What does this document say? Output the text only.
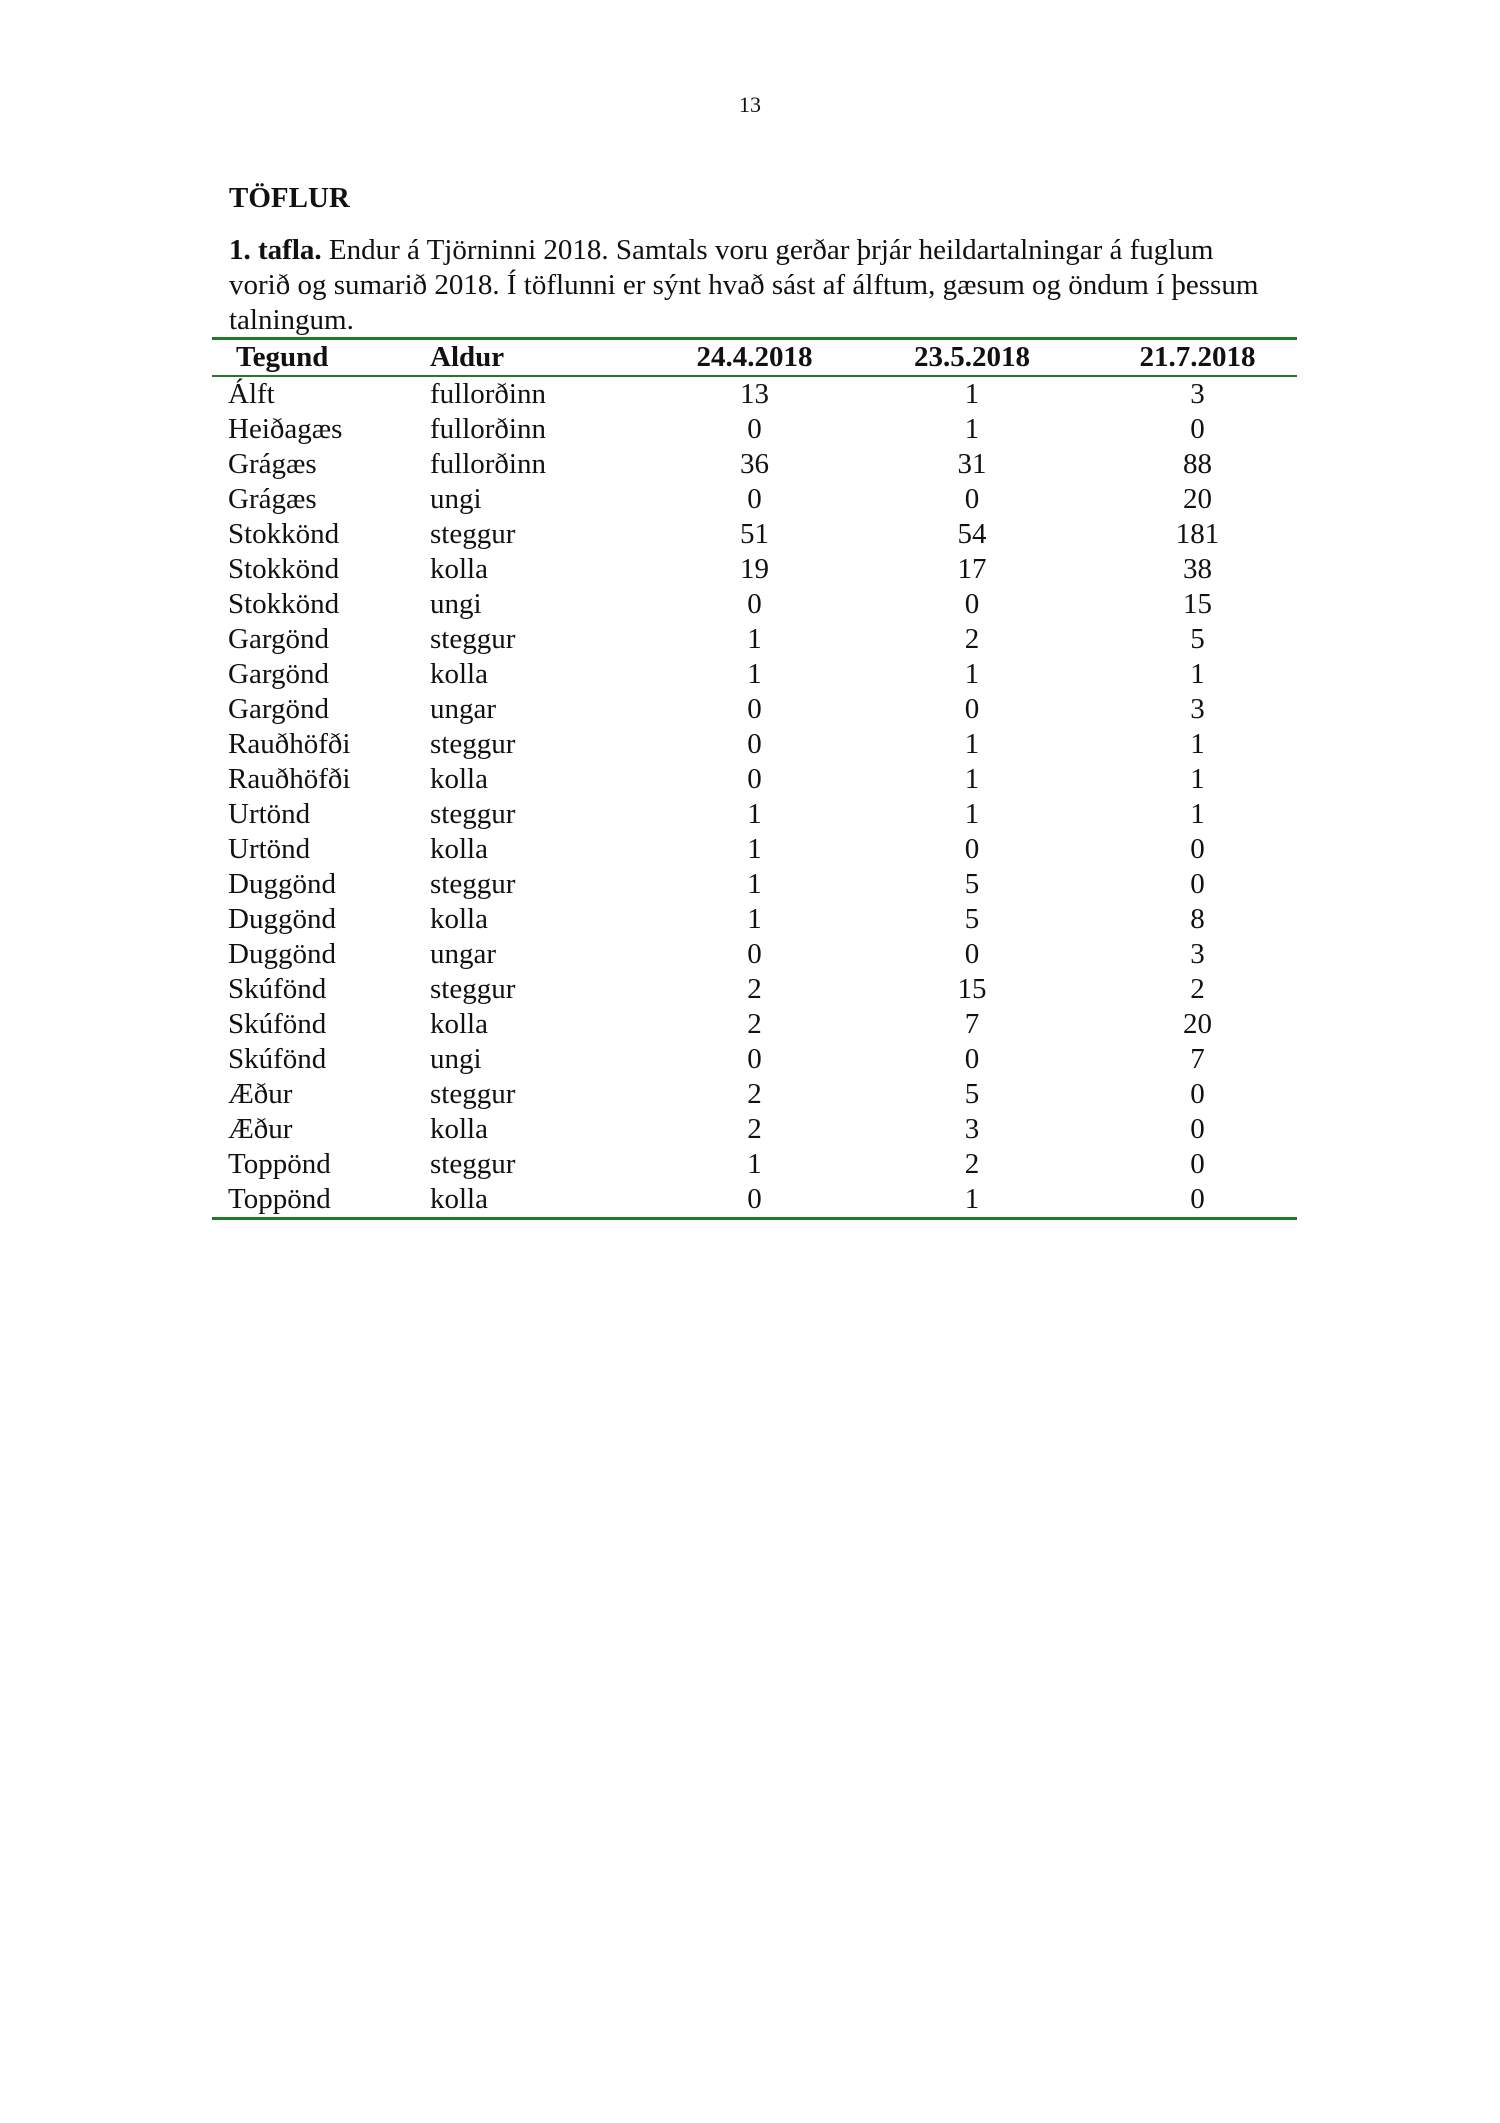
13
TÖFLUR

1. tafla. Endur á Tjörninni 2018. Samtals voru gerðar þrjár heildartalningar á fuglum vorið og sumarið 2018. Í töflunni er sýnt hvað sást af álftum, gæsum og öndum í þessum talningum.

Tegund	Aldur	24.4.2018	23.5.2018	21.7.2018
Álft	fullorðinn	13	1	3
Heiðagæs	fullorðinn	0	1	0
Grágæs	fullorðinn	36	31	88
Grágæs	ungi	0	0	20
Stokkönd	steggur	51	54	181
Stokkönd	kolla	19	17	38
Stokkönd	ungi	0	0	15
Gargönd	steggur	1	2	5
Gargönd	kolla	1	1	1
Gargönd	ungar	0	0	3
Rauðhöfði	steggur	0	1	1
Rauðhöfði	kolla	0	1	1
Urtönd	steggur	1	1	1
Urtönd	kolla	1	0	0
Duggönd	steggur	1	5	0
Duggönd	kolla	1	5	8
Duggönd	ungar	0	0	3
Skúfönd	steggur	2	15	2
Skúfönd	kolla	2	7	20
Skúfönd	ungi	0	0	7
Æður	steggur	2	5	0
Æður	kolla	2	3	0
Toppönd	steggur	1	2	0
Toppönd	kolla	0	1	0
